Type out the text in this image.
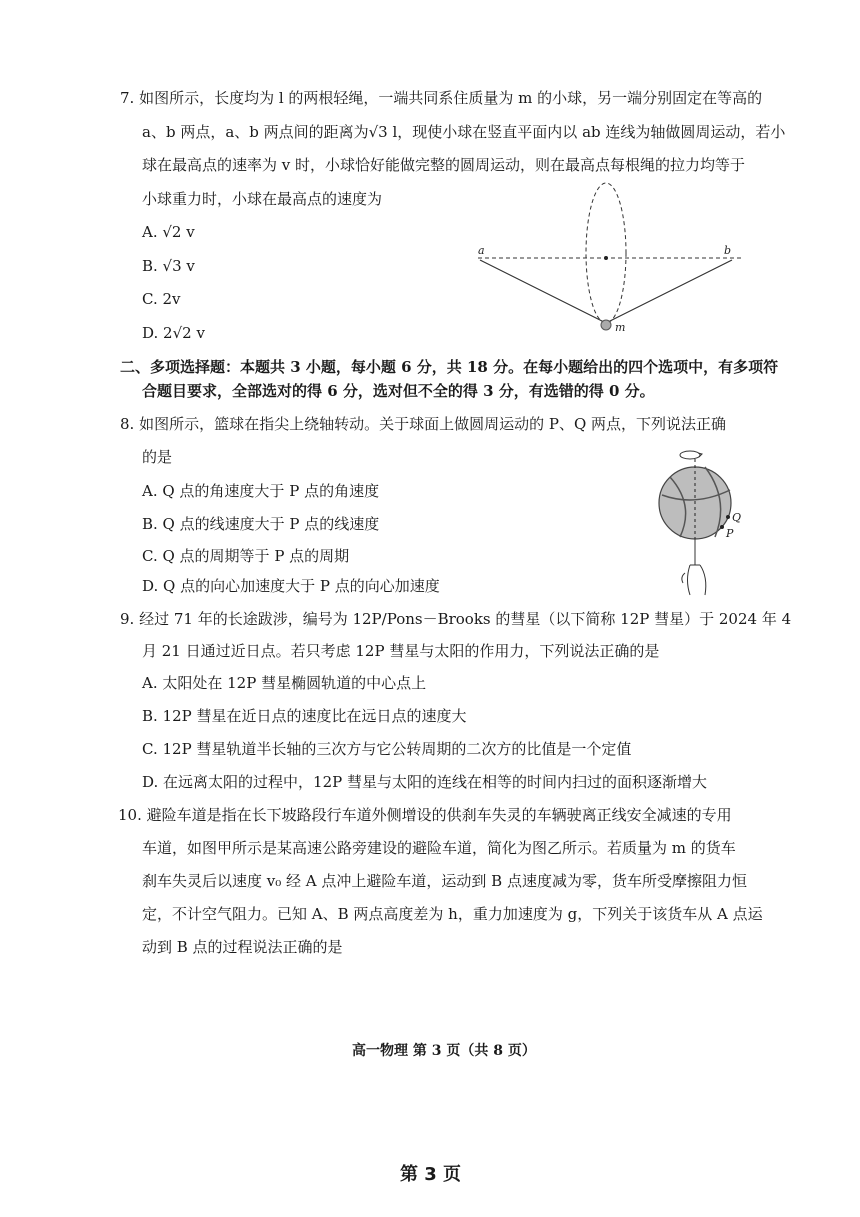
7. 如图所示，长度均为 l 的两根轻绳，一端共同系住质量为 m 的小球，另一端分别固定在等高的
a、b 两点，a、b 两点间的距离为√3 l，现使小球在竖直平面内以 ab 连线为轴做圆周运动，若小
球在最高点的速率为 v 时，小球恰好能做完整的圆周运动，则在最高点每根绳的拉力均等于
小球重力时，小球在最高点的速度为
A. √2 v
B. √3 v
C. 2v
D. 2√2 v
a	b
m
二、多项选择题：本题共 3 小题，每小题 6 分，共 18 分。在每小题给出的四个选项中，有多项符
合题目要求，全部选对的得 6 分，选对但不全的得 3 分，有选错的得 0 分。
8. 如图所示，篮球在指尖上绕轴转动。关于球面上做圆周运动的 P、Q 两点，下列说法正确
的是
A. Q 点的角速度大于 P 点的角速度
B. Q 点的线速度大于 P 点的线速度
C. Q 点的周期等于 P 点的周期
D. Q 点的向心加速度大于 P 点的向心加速度
Q
P
9. 经过 71 年的长途跋涉，编号为 12P/Pons－Brooks 的彗星（以下简称 12P 彗星）于 2024 年 4
月 21 日通过近日点。若只考虑 12P 彗星与太阳的作用力，下列说法正确的是
A. 太阳处在 12P 彗星椭圆轨道的中心点上
B. 12P 彗星在近日点的速度比在远日点的速度大
C. 12P 彗星轨道半长轴的三次方与它公转周期的二次方的比值是一个定值
D. 在远离太阳的过程中，12P 彗星与太阳的连线在相等的时间内扫过的面积逐渐增大
10. 避险车道是指在长下坡路段行车道外侧增设的供刹车失灵的车辆驶离正线安全减速的专用
车道，如图甲所示是某高速公路旁建设的避险车道，简化为图乙所示。若质量为 m 的货车
刹车失灵后以速度 v₀ 经 A 点冲上避险车道，运动到 B 点速度减为零，货车所受摩擦阻力恒
定，不计空气阻力。已知 A、B 两点高度差为 h，重力加速度为 g，下列关于该货车从 A 点运
动到 B 点的过程说法正确的是
高一物理 第 3 页（共 8 页）
第 3 页
